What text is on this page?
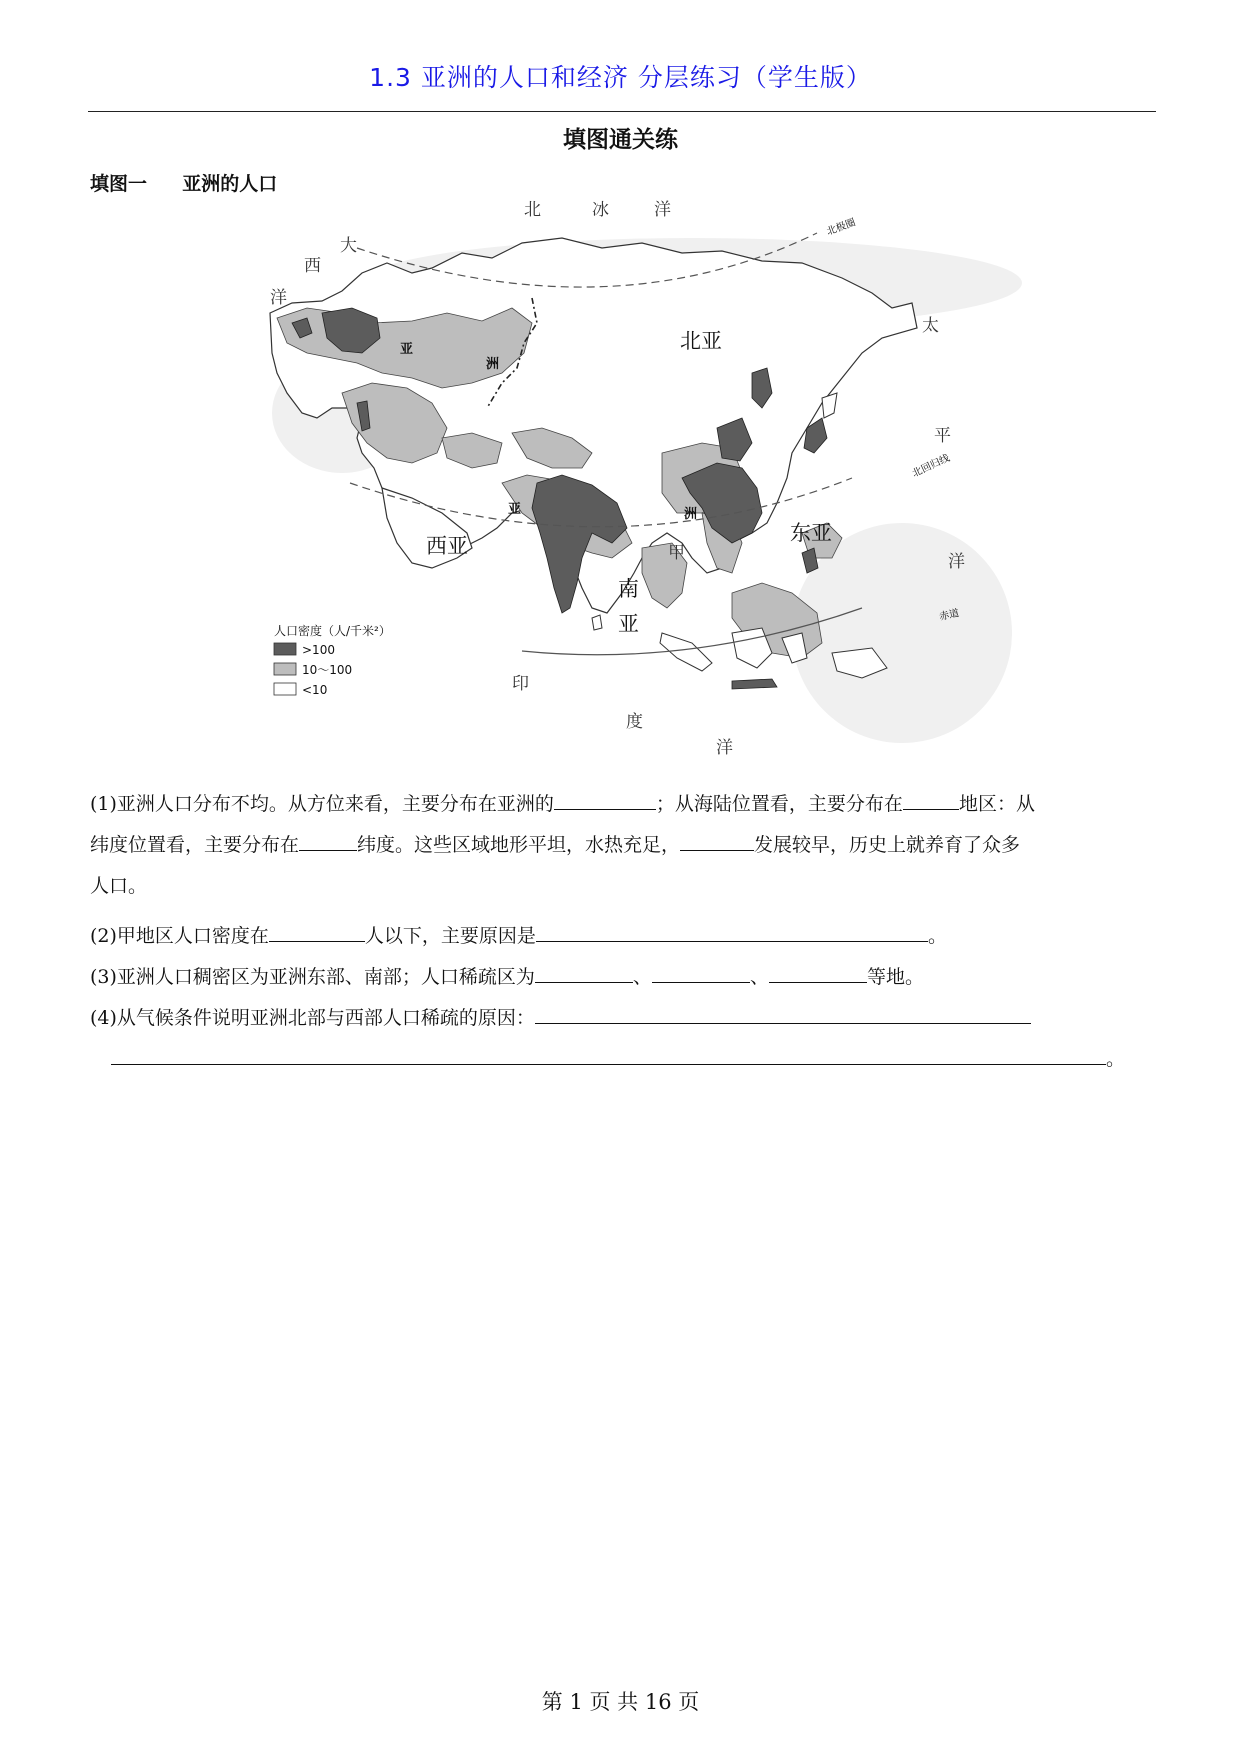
1.3 亚洲的人口和经济 分层练习（学生版）
填图通关练
填图一 亚洲的人口
北	冰	洋
大
西
洋
太
平
洋
印
度
洋
亚
洲
亚	洲
北亚
西亚
南
亚
东亚
甲
北极圈
北回归线
赤道
人口密度（人/千米²）
>100
10～100
<10
(1)亚洲人口分布不均。从方位来看，主要分布在亚洲的	；从海陆位置看，主要分布在	地区：从
纬度位置看，主要分布在	纬度。这些区域地形平坦，水热充足，	发展较早，历史上就养育了众多
人口。
(2)甲地区人口密度在	人以下，主要原因是	。
(3)亚洲人口稠密区为亚洲东部、南部；人口稀疏区为	、	、	等地。
(4)从气候条件说明亚洲北部与西部人口稀疏的原因：
。
第 1 页 共 16 页
